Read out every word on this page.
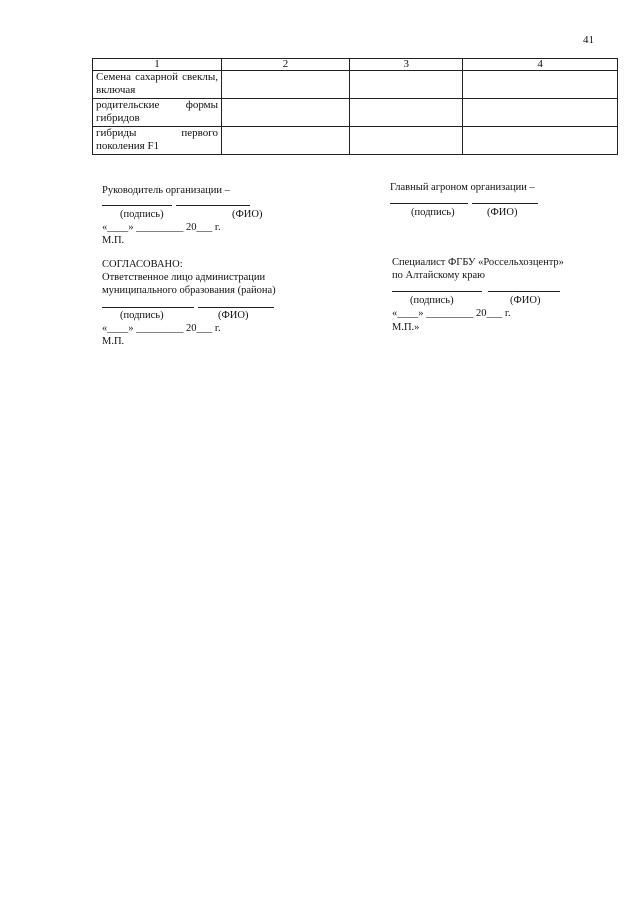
41
1	2	3	4
Семена сахарной свеклы, включая			
родительские формы гибридов			
гибриды первого поколения F1			
Руководитель организации –
(подпись)	(ФИО)
«____» _________ 20___ г.
М.П.
Главный агроном организации –
(подпись)	(ФИО)
СОГЛАСОВАНО:
Ответственное лицо администрации
муниципального образования (района)
(подпись)	(ФИО)
«____» _________ 20___ г.
М.П.
Специалист ФГБУ «Россельхозцентр»
по Алтайскому краю
(подпись)	(ФИО)
«____» _________ 20___ г.
М.П.»
